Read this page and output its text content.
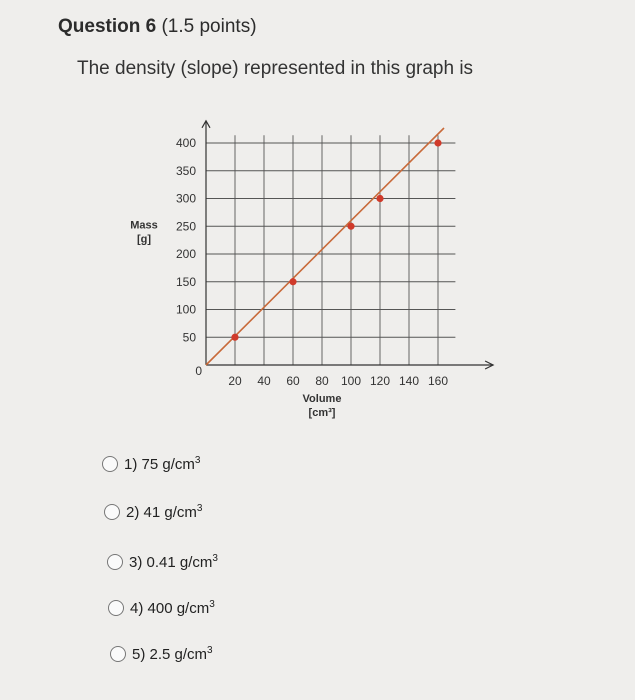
Question 6 (1.5 points)
The density (slope) represented in this graph is
50
100
150
200
250
300
350
400
20 40 60 80 100 120 140 160
0
Mass
[g]
Volume
[cm³]
1) 75 $g/cm^3$
2) 41 $g/cm^3$
3) 0.41 $g/cm^3$
4) 400 $g/cm^3$
5) 2.5 $g/cm^3$
